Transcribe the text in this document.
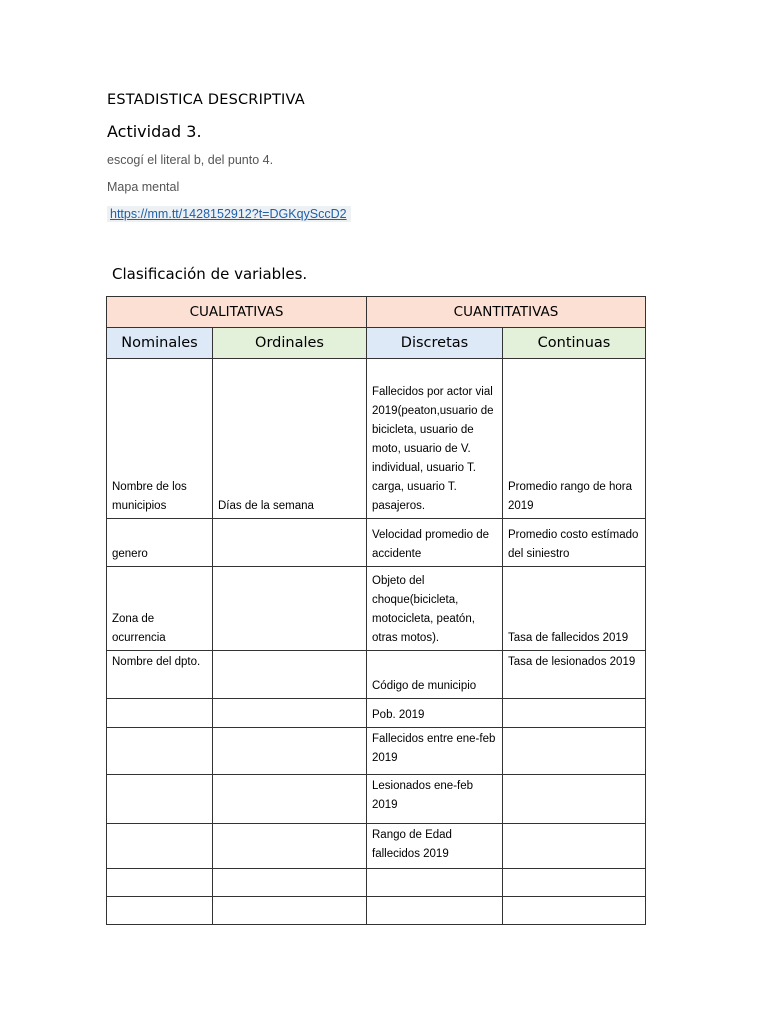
ESTADISTICA DESCRIPTIVA
Actividad 3.
escogí el literal b, del punto 4.
Mapa mental
https://mm.tt/1428152912?t=DGKqySccD2
Clasificación de variables.
CUALITATIVAS		CUANTITATIVAS	
Nominales	Ordinales	Discretas	Continuas
Nombre de los municipios	Días de la semana	Fallecidos por actor vial 2019(peaton,usuario de bicicleta, usuario de moto, usuario de V. individual, usuario T. carga, usuario T. pasajeros.	Promedio rango de hora 2019
genero		Velocidad promedio de accidente	Promedio costo estímado del siniestro
Zona de ocurrencia		Objeto del choque(bicicleta, motocicleta, peatón, otras motos).	Tasa de fallecidos 2019
Nombre del dpto.		Código de municipio	Tasa de lesionados 2019
		Pob. 2019	
		Fallecidos entre ene-feb 2019	
		Lesionados ene-feb 2019	
		Rango de Edad fallecidos 2019	
